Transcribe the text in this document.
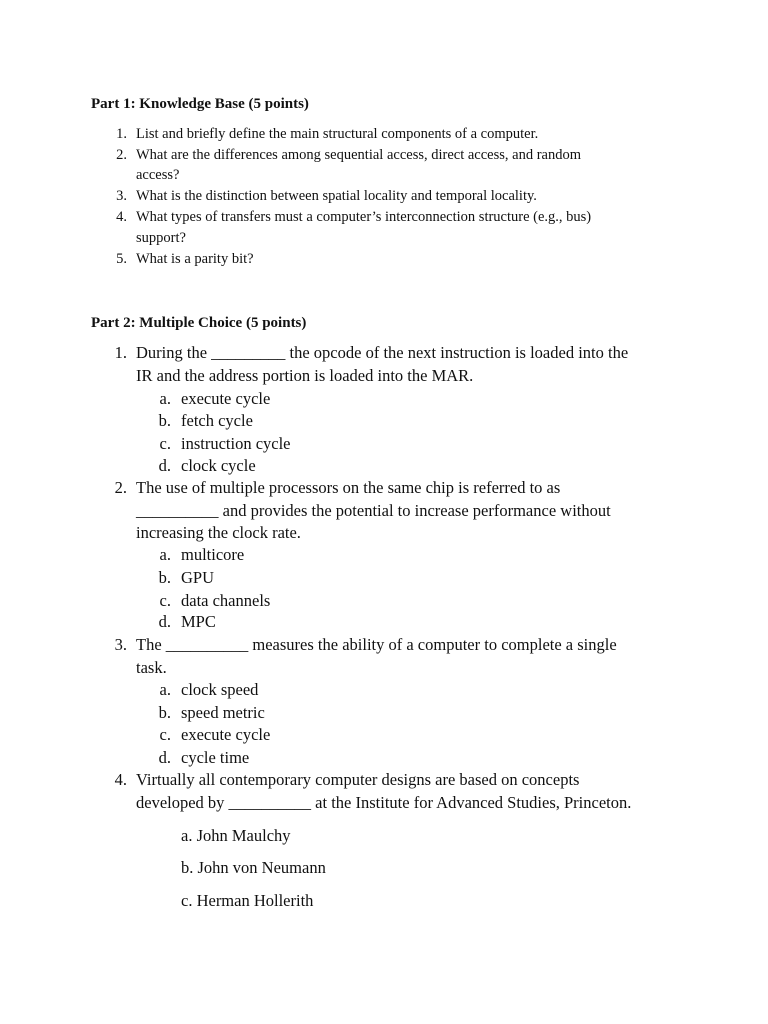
Part 1: Knowledge Base (5 points)
1. List and briefly define the main structural components of a computer.
2. What are the differences among sequential access, direct access, and random
access?
3. What is the distinction between spatial locality and temporal locality.
4. What types of transfers must a computer’s interconnection structure (e.g., bus)
support?
5. What is a parity bit?
Part 2: Multiple Choice (5 points)
1. During the _________ the opcode of the next instruction is loaded into the
IR and the address portion is loaded into the MAR.
a. execute cycle
b. fetch cycle
c. instruction cycle
d. clock cycle
2. The use of multiple processors on the same chip is referred to as
__________ and provides the potential to increase performance without
increasing the clock rate.
a. multicore
b. GPU
c. data channels
d. MPC
3. The __________ measures the ability of a computer to complete a single
task.
a. clock speed
b. speed metric
c. execute cycle
d. cycle time
4. Virtually all contemporary computer designs are based on concepts
developed by __________ at the Institute for Advanced Studies, Princeton.
a. John Maulchy
b. John von Neumann
c. Herman Hollerith
